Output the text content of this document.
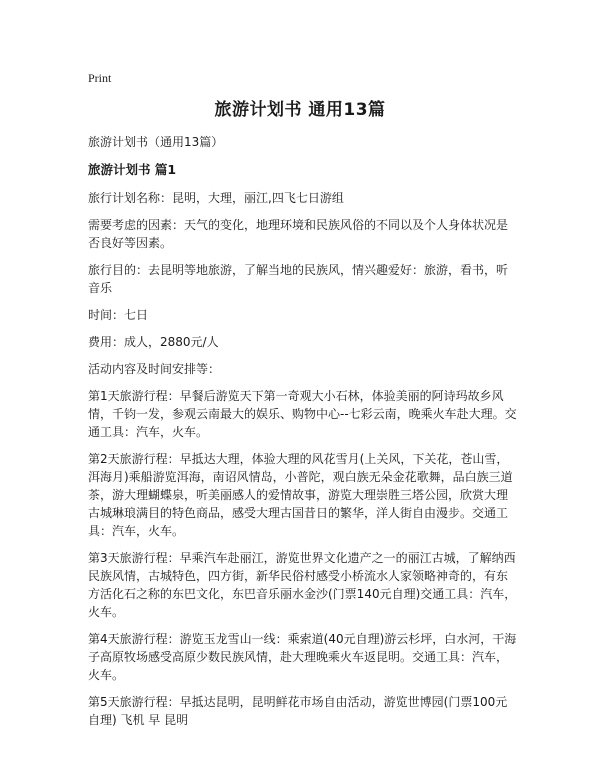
Print
旅游计划书 通用13篇

旅游计划书（通用13篇）

旅游计划书 篇1

旅行计划名称：昆明，大理，丽江,四飞七日游组

需要考虑的因素：天气的变化，地理环境和民族风俗的不同以及个人身体状况是否良好等因素。

旅行目的：去昆明等地旅游，了解当地的民族风，情兴趣爱好：旅游，看书，听音乐

时间：七日

费用：成人，2880元/人

活动内容及时间安排等：

第1天旅游行程：早餐后游览天下第一奇观大小石林，体验美丽的阿诗玛故乡风情，千钧一发，参观云南最大的娱乐、购物中心--七彩云南，晚乘火车赴大理。交通工具：汽车，火车。

第2天旅游行程：早抵达大理，体验大理的风花雪月(上关风，下关花，苍山雪，洱海月)乘船游览洱海，南诏风情岛，小普陀，观白族无朵金花歌舞，品白族三道茶，游大理蝴蝶泉，听美丽感人的爱情故事，游览大理崇胜三塔公园，欣赏大理古城琳琅满目的特色商品，感受大理古国昔日的繁华，洋人街自由漫步。交通工具：汽车，火车。

第3天旅游行程：早乘汽车赴丽江，游览世界文化遗产之一的丽江古城，了解纳西民族风情，古城特色，四方街，新华民俗村感受小桥流水人家领略神奇的，有东方活化石之称的东巴文化，东巴音乐丽水金沙(门票140元自理)交通工具：汽车，火车。

第4天旅游行程：游览玉龙雪山一线：乘索道(40元自理)游云杉坪，白水河，干海子高原牧场感受高原少数民族风情，赴大理晚乘火车返昆明。交通工具：汽车，火车。

第5天旅游行程：早抵达昆明，昆明鲜花市场自由活动，游览世博园(门票100元自理) 飞机 早 昆明
